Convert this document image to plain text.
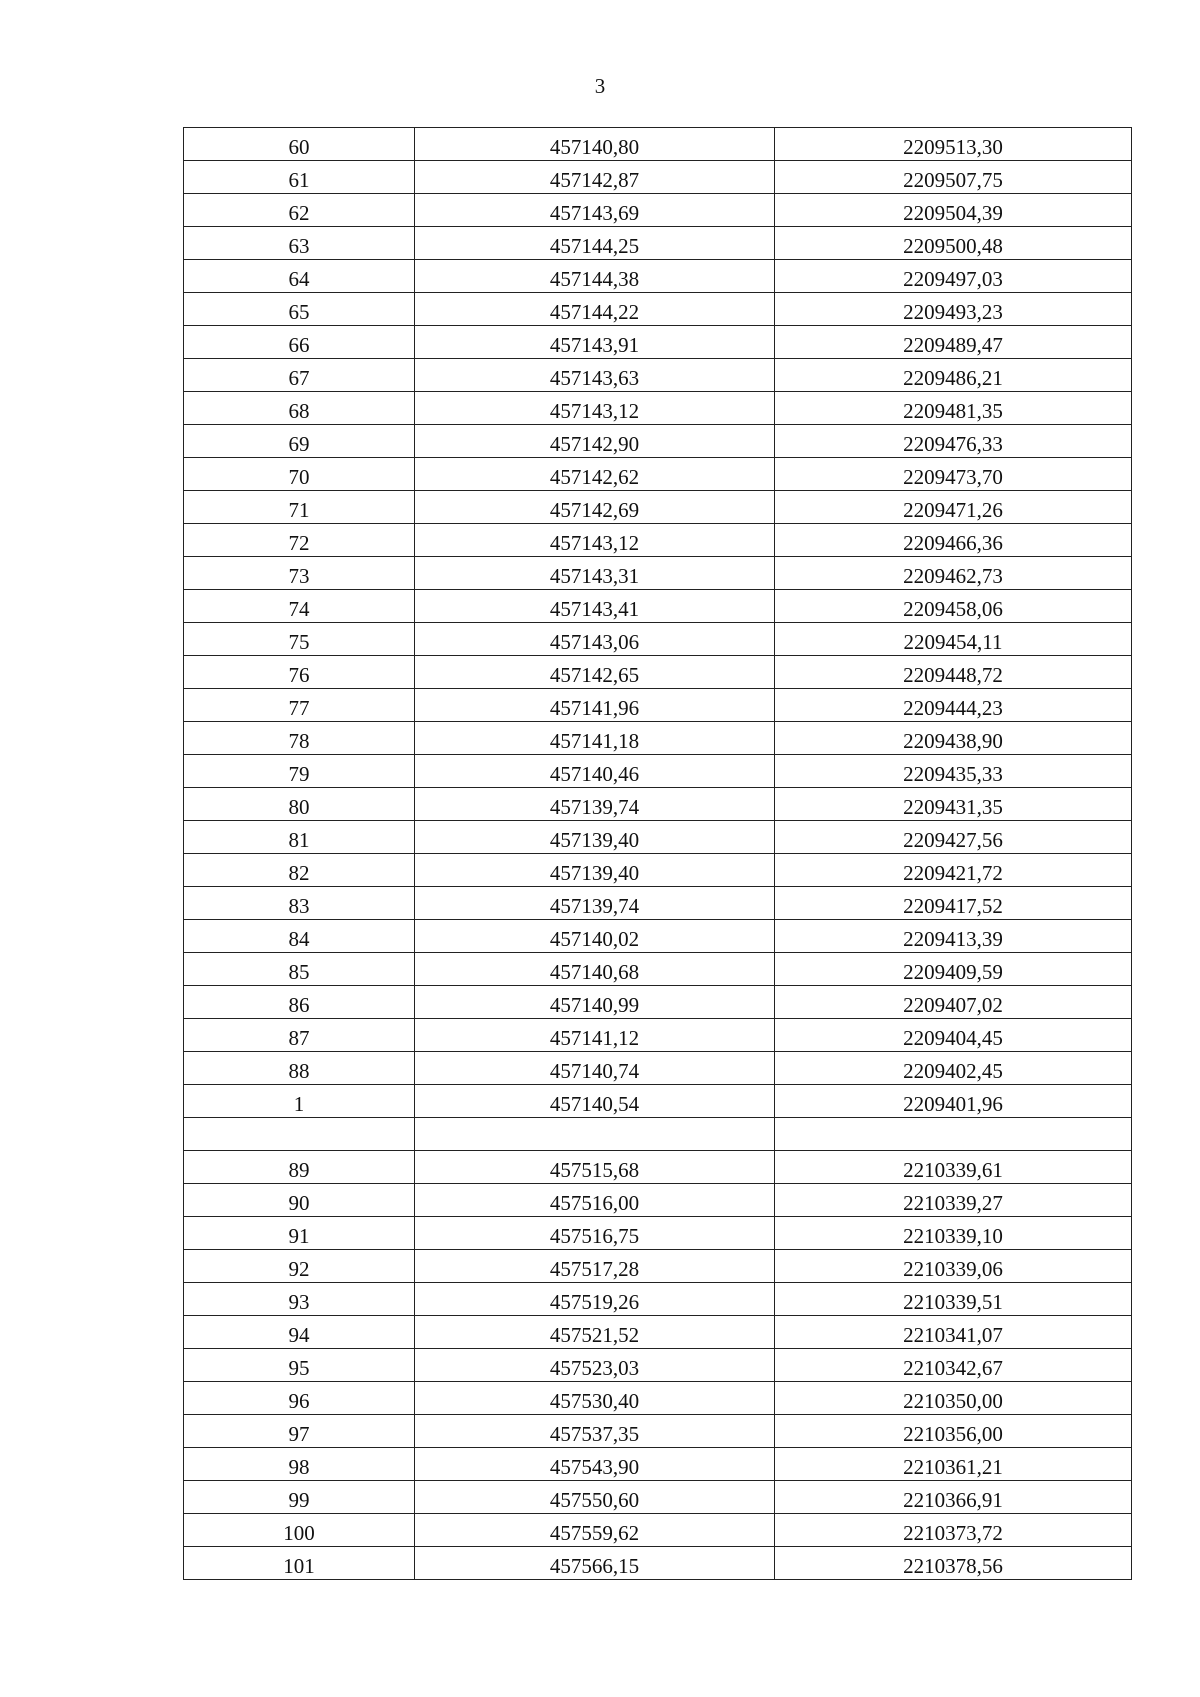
3
60	457140,80	2209513,30
61	457142,87	2209507,75
62	457143,69	2209504,39
63	457144,25	2209500,48
64	457144,38	2209497,03
65	457144,22	2209493,23
66	457143,91	2209489,47
67	457143,63	2209486,21
68	457143,12	2209481,35
69	457142,90	2209476,33
70	457142,62	2209473,70
71	457142,69	2209471,26
72	457143,12	2209466,36
73	457143,31	2209462,73
74	457143,41	2209458,06
75	457143,06	2209454,11
76	457142,65	2209448,72
77	457141,96	2209444,23
78	457141,18	2209438,90
79	457140,46	2209435,33
80	457139,74	2209431,35
81	457139,40	2209427,56
82	457139,40	2209421,72
83	457139,74	2209417,52
84	457140,02	2209413,39
85	457140,68	2209409,59
86	457140,99	2209407,02
87	457141,12	2209404,45
88	457140,74	2209402,45
1	457140,54	2209401,96

89	457515,68	2210339,61
90	457516,00	2210339,27
91	457516,75	2210339,10
92	457517,28	2210339,06
93	457519,26	2210339,51
94	457521,52	2210341,07
95	457523,03	2210342,67
96	457530,40	2210350,00
97	457537,35	2210356,00
98	457543,90	2210361,21
99	457550,60	2210366,91
100	457559,62	2210373,72
101	457566,15	2210378,56
